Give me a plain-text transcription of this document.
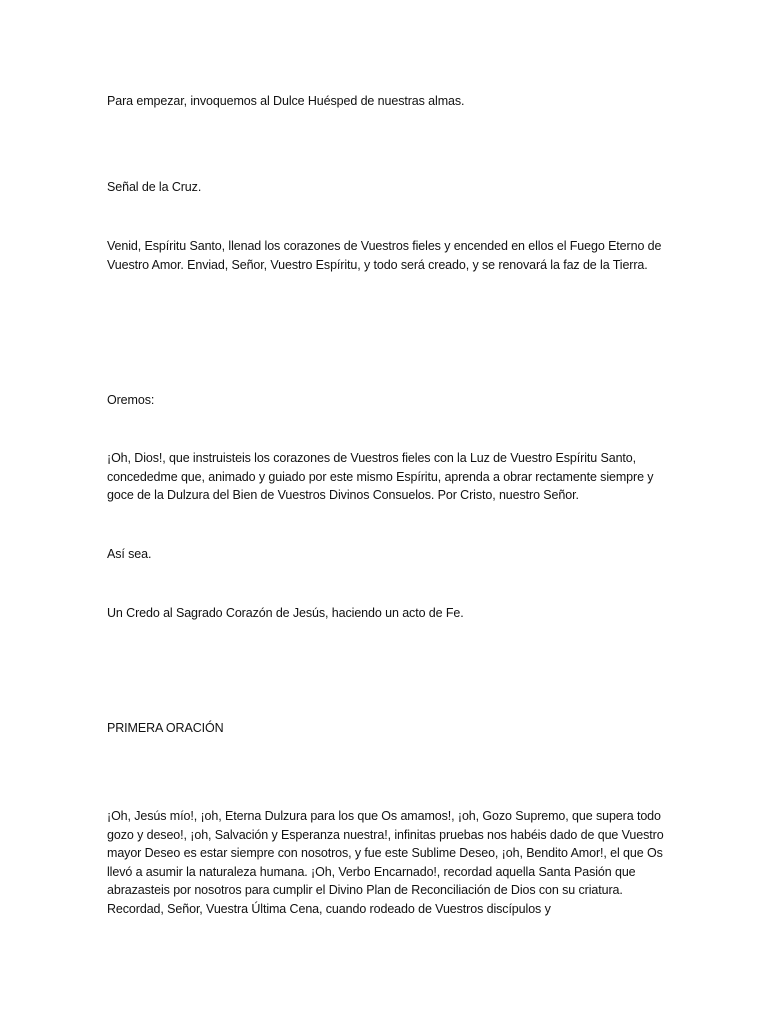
Para empezar, invoquemos al Dulce Huésped de nuestras almas.

Señal de la Cruz.

Venid, Espíritu Santo, llenad los corazones de Vuestros fieles y encended en ellos el Fuego Eterno de Vuestro Amor. Enviad, Señor, Vuestro Espíritu, y todo será creado, y se renovará la faz de la Tierra.

Oremos:

¡Oh, Dios!, que instruisteis los corazones de Vuestros fieles con la Luz de Vuestro Espíritu Santo, concededme que, animado y guiado por este mismo Espíritu, aprenda a obrar rectamente siempre y goce de la Dulzura del Bien de Vuestros Divinos Consuelos. Por Cristo, nuestro Señor.

Así sea.

Un Credo al Sagrado Corazón de Jesús, haciendo un acto de Fe.

PRIMERA ORACIÓN

¡Oh, Jesús mío!, ¡oh, Eterna Dulzura para los que Os amamos!, ¡oh, Gozo Supremo, que supera todo gozo y deseo!, ¡oh, Salvación y Esperanza nuestra!, infinitas pruebas nos habéis dado de que Vuestro mayor Deseo es estar siempre con nosotros, y fue este Sublime Deseo, ¡oh, Bendito Amor!, el que Os llevó a asumir la naturaleza humana. ¡Oh, Verbo Encarnado!, recordad aquella Santa Pasión que abrazasteis por nosotros para cumplir el Divino Plan de Reconciliación de Dios con su criatura. Recordad, Señor, Vuestra Última Cena, cuando rodeado de Vuestros discípulos y
